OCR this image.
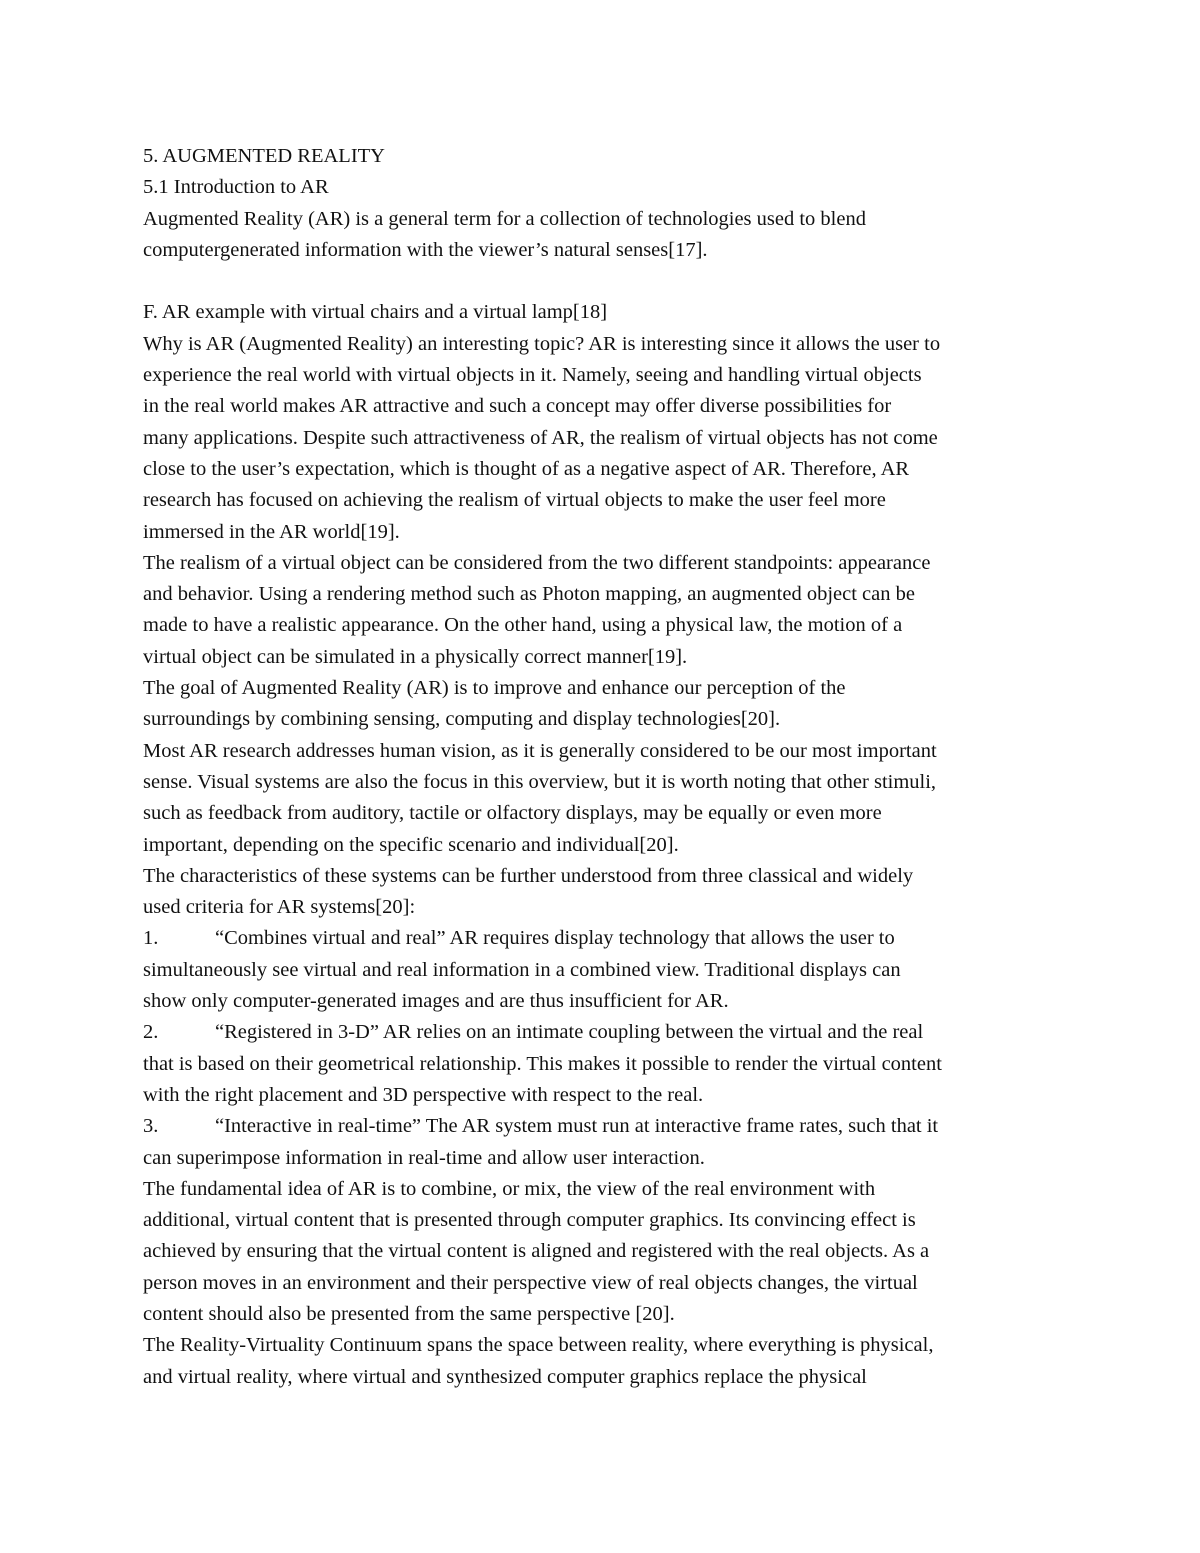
5. AUGMENTED REALITY
5.1 Introduction to AR
Augmented Reality (AR) is a general term for a collection of technologies used to blend
computergenerated information with the viewer’s natural senses[17].
F. AR example with virtual chairs and a virtual lamp[18]
Why is AR (Augmented Reality) an interesting topic? AR is interesting since it allows the user to
experience the real world with virtual objects in it. Namely, seeing and handling virtual objects
in the real world makes AR attractive and such a concept may offer diverse possibilities for
many applications. Despite such attractiveness of AR, the realism of virtual objects has not come
close to the user’s expectation, which is thought of as a negative aspect of AR. Therefore, AR
research has focused on achieving the realism of virtual objects to make the user feel more
immersed in the AR world[19].
The realism of a virtual object can be considered from the two different standpoints: appearance
and behavior. Using a rendering method such as Photon mapping, an augmented object can be
made to have a realistic appearance. On the other hand, using a physical law, the motion of a
virtual object can be simulated in a physically correct manner[19].
The goal of Augmented Reality (AR) is to improve and enhance our perception of the
surroundings by combining sensing, computing and display technologies[20].
Most AR research addresses human vision, as it is generally considered to be our most important
sense. Visual systems are also the focus in this overview, but it is worth noting that other stimuli,
such as feedback from auditory, tactile or olfactory displays, may be equally or even more
important, depending on the specific scenario and individual[20].
The characteristics of these systems can be further understood from three classical and widely
used criteria for AR systems[20]:
1.	“Combines virtual and real” AR requires display technology that allows the user to
simultaneously see virtual and real information in a combined view. Traditional displays can
show only computer-generated images and are thus insufficient for AR.
2.	“Registered in 3-D” AR relies on an intimate coupling between the virtual and the real
that is based on their geometrical relationship. This makes it possible to render the virtual content
with the right placement and 3D perspective with respect to the real.
3.	“Interactive in real-time” The AR system must run at interactive frame rates, such that it
can superimpose information in real-time and allow user interaction.
The fundamental idea of AR is to combine, or mix, the view of the real environment with
additional, virtual content that is presented through computer graphics. Its convincing effect is
achieved by ensuring that the virtual content is aligned and registered with the real objects. As a
person moves in an environment and their perspective view of real objects changes, the virtual
content should also be presented from the same perspective [20].
The Reality-Virtuality Continuum spans the space between reality, where everything is physical,
and virtual reality, where virtual and synthesized computer graphics replace the physical
